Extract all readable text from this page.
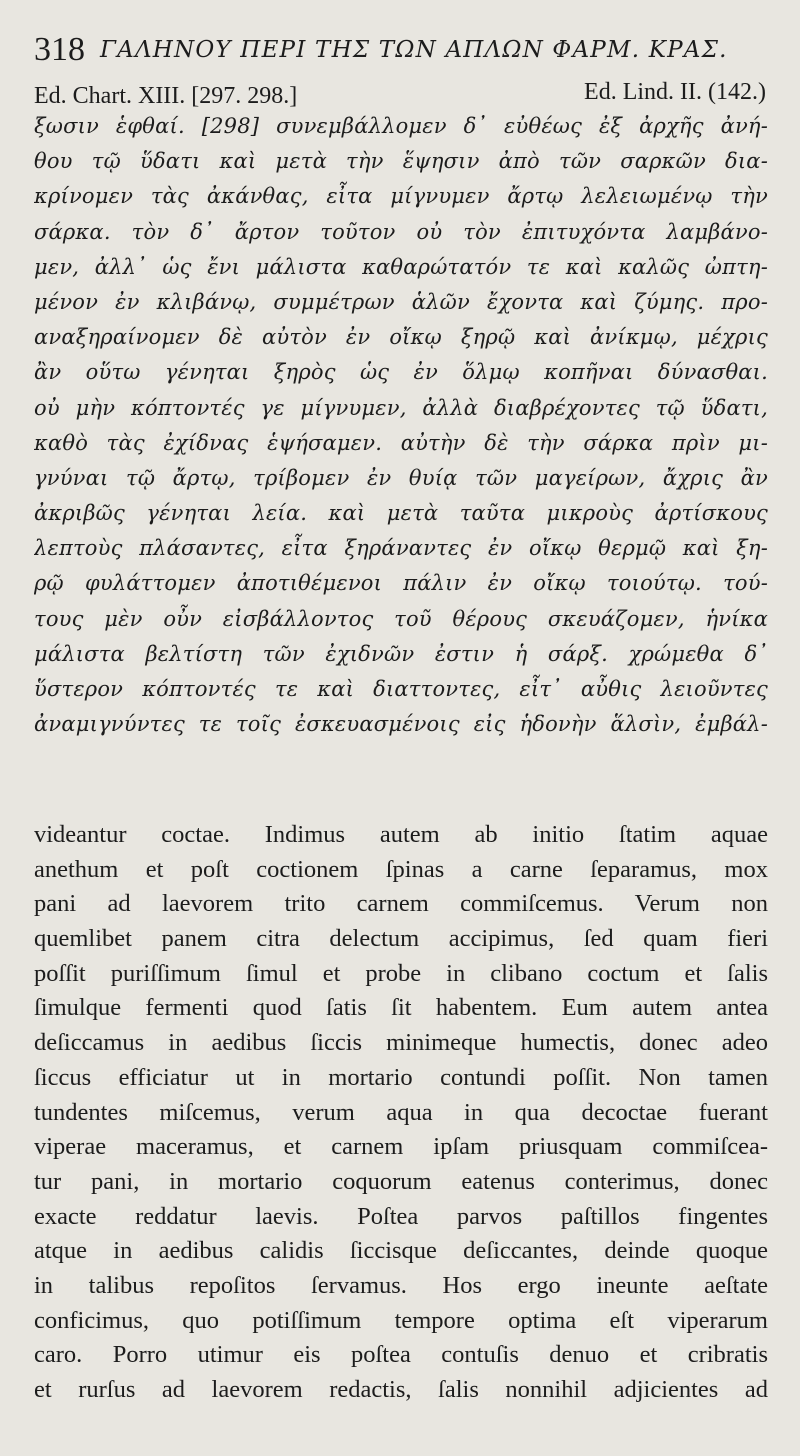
318 ΓΑΛΗΝΟΥ ΠΕΡΙ ΤΗΣ ΤΩΝ ΑΠΛΩΝ ΦΑΡΜ. ΚΡΑΣ.
Ed. Chart. XIII. [297. 298.]	Ed. Lind. II. (142.)
ξωσιν ἑφθαί. [298] συνεμβάλλομεν δ᾽ εὐθέως ἐξ ἀρχῆς ἀνή-
θου τῷ ὕδατι καὶ μετὰ τὴν ἕψησιν ἀπὸ τῶν σαρκῶν δια-
κρίνομεν τὰς ἀκάνθας, εἶτα μίγνυμεν ἄρτῳ λελειωμένῳ τὴν
σάρκα. τὸν δ᾽ ἄρτον τοῦτον οὐ τὸν ἐπιτυχόντα λαμβάνο-
μεν, ἀλλ᾽ ὡς ἔνι μάλιστα καθαρώτατόν τε καὶ καλῶς ὠπτη-
μένον ἐν κλιβάνῳ, συμμέτρων ἁλῶν ἔχοντα καὶ ζύμης. προ-
αναξηραίνομεν δὲ αὐτὸν ἐν οἴκῳ ξηρῷ καὶ ἀνίκμῳ, μέχρις
ἂν οὕτω γένηται ξηρὸς ὡς ἐν ὅλμῳ κοπῆναι δύνασθαι.
οὐ μὴν κόπτοντές γε μίγνυμεν, ἀλλὰ διαβρέχοντες τῷ ὕδατι,
καθὸ τὰς ἐχίδνας ἑψήσαμεν. αὐτὴν δὲ τὴν σάρκα πρὶν μι-
γνύναι τῷ ἄρτῳ, τρίβομεν ἐν θυίᾳ τῶν μαγείρων, ἄχρις ἂν
ἀκριβῶς γένηται λεία. καὶ μετὰ ταῦτα μικροὺς ἀρτίσκους
λεπτοὺς πλάσαντες, εἶτα ξηράναντες ἐν οἴκῳ θερμῷ καὶ ξη-
ρῷ φυλάττομεν ἀποτιθέμενοι πάλιν ἐν οἴκῳ τοιούτῳ. τού-
τους μὲν οὖν εἰσβάλλοντος τοῦ θέρους σκευάζομεν, ἡνίκα
μάλιστα βελτίστη τῶν ἐχιδνῶν ἐστιν ἡ σάρξ. χρώμεθα δ᾽
ὕστερον κόπτοντές τε καὶ διαττοντες, εἶτ᾽ αὖθις λειοῦντες
ἀναμιγνύντες τε τοῖς ἐσκευασμένοις εἰς ἡδονὴν ἅλσὶν, ἐμβάλ-
videantur coctae. Indimus autem ab initio ſtatim aquae
anethum et poſt coctionem ſpinas a carne ſeparamus, mox
pani ad laevorem trito carnem commiſcemus. Verum non
quemlibet panem citra delectum accipimus, ſed quam fieri
poſſit puriſſimum ſimul et probe in clibano coctum et ſalis
ſimulque fermenti quod ſatis ſit habentem. Eum autem antea
deſiccamus in aedibus ſiccis minimeque humectis, donec adeo
ſiccus efficiatur ut in mortario contundi poſſit. Non tamen
tundentes miſcemus, verum aqua in qua decoctae fuerant
viperae maceramus, et carnem ipſam priusquam commiſcea-
tur pani, in mortario coquorum eatenus conterimus, donec
exacte reddatur laevis. Poſtea parvos paſtillos fingentes
atque in aedibus calidis ſiccisque deſiccantes, deinde quoque
in talibus repoſitos ſervamus. Hos ergo ineunte aeſtate
conficimus, quo potiſſimum tempore optima eſt viperarum
caro. Porro utimur eis poſtea contuſis denuo et cribratis
et rurſus ad laevorem redactis, ſalis nonnihil adjicientes ad
